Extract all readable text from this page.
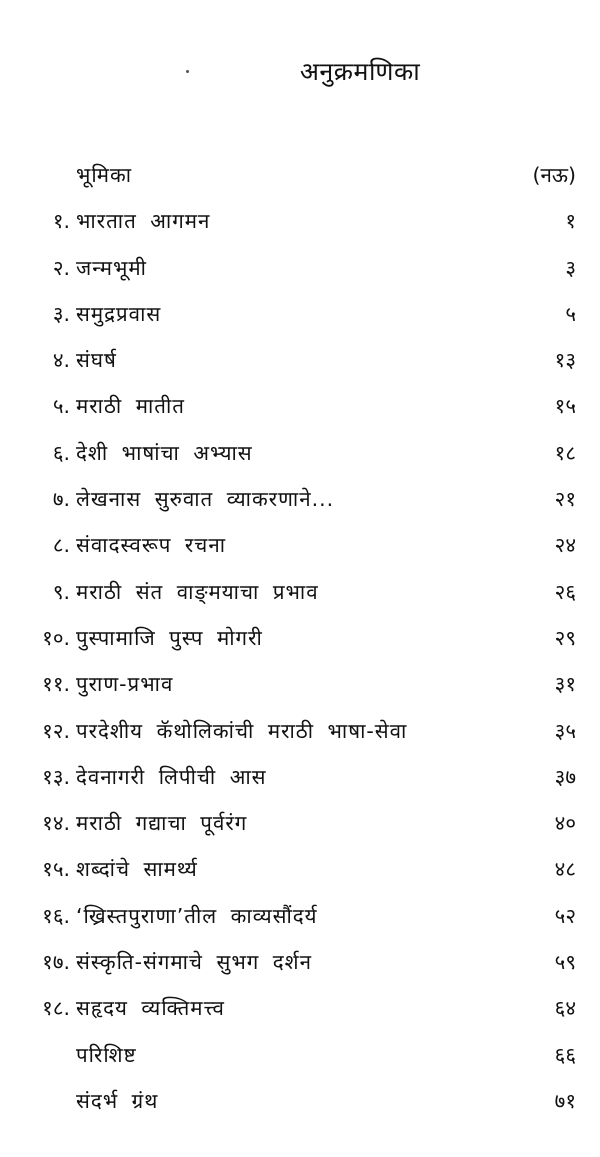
अनुक्रमणिका
भूमिका	(नऊ)
१. भारतात आगमन	१
२. जन्मभूमी	३
३. समुद्रप्रवास	५
४. संघर्ष	१३
५. मराठी मातीत	१५
६. देशी भाषांचा अभ्यास	१८
७. लेखनास सुरुवात व्याकरणाने...	२१
८. संवादस्वरूप रचना	२४
९. मराठी संत वाङ्‌मयाचा प्रभाव	२६
१०. पुस्पामाजि पुस्प मोगरी	२९
११. पुराण-प्रभाव	३१
१२. परदेशीय कॅथोलिकांची मराठी भाषा-सेवा	३५
१३. देवनागरी लिपीची आस	३७
१४. मराठी गद्याचा पूर्वरंग	४०
१५. शब्दांचे सामर्थ्य	४८
१६. ‘ख्रिस्तपुराणा’तील काव्यसौंदर्य	५२
१७. संस्कृति-संगमाचे सुभग दर्शन	५९
१८. सहृदय व्यक्तिमत्त्व	६४
परिशिष्ट	६६
संदर्भ ग्रंथ	७१
